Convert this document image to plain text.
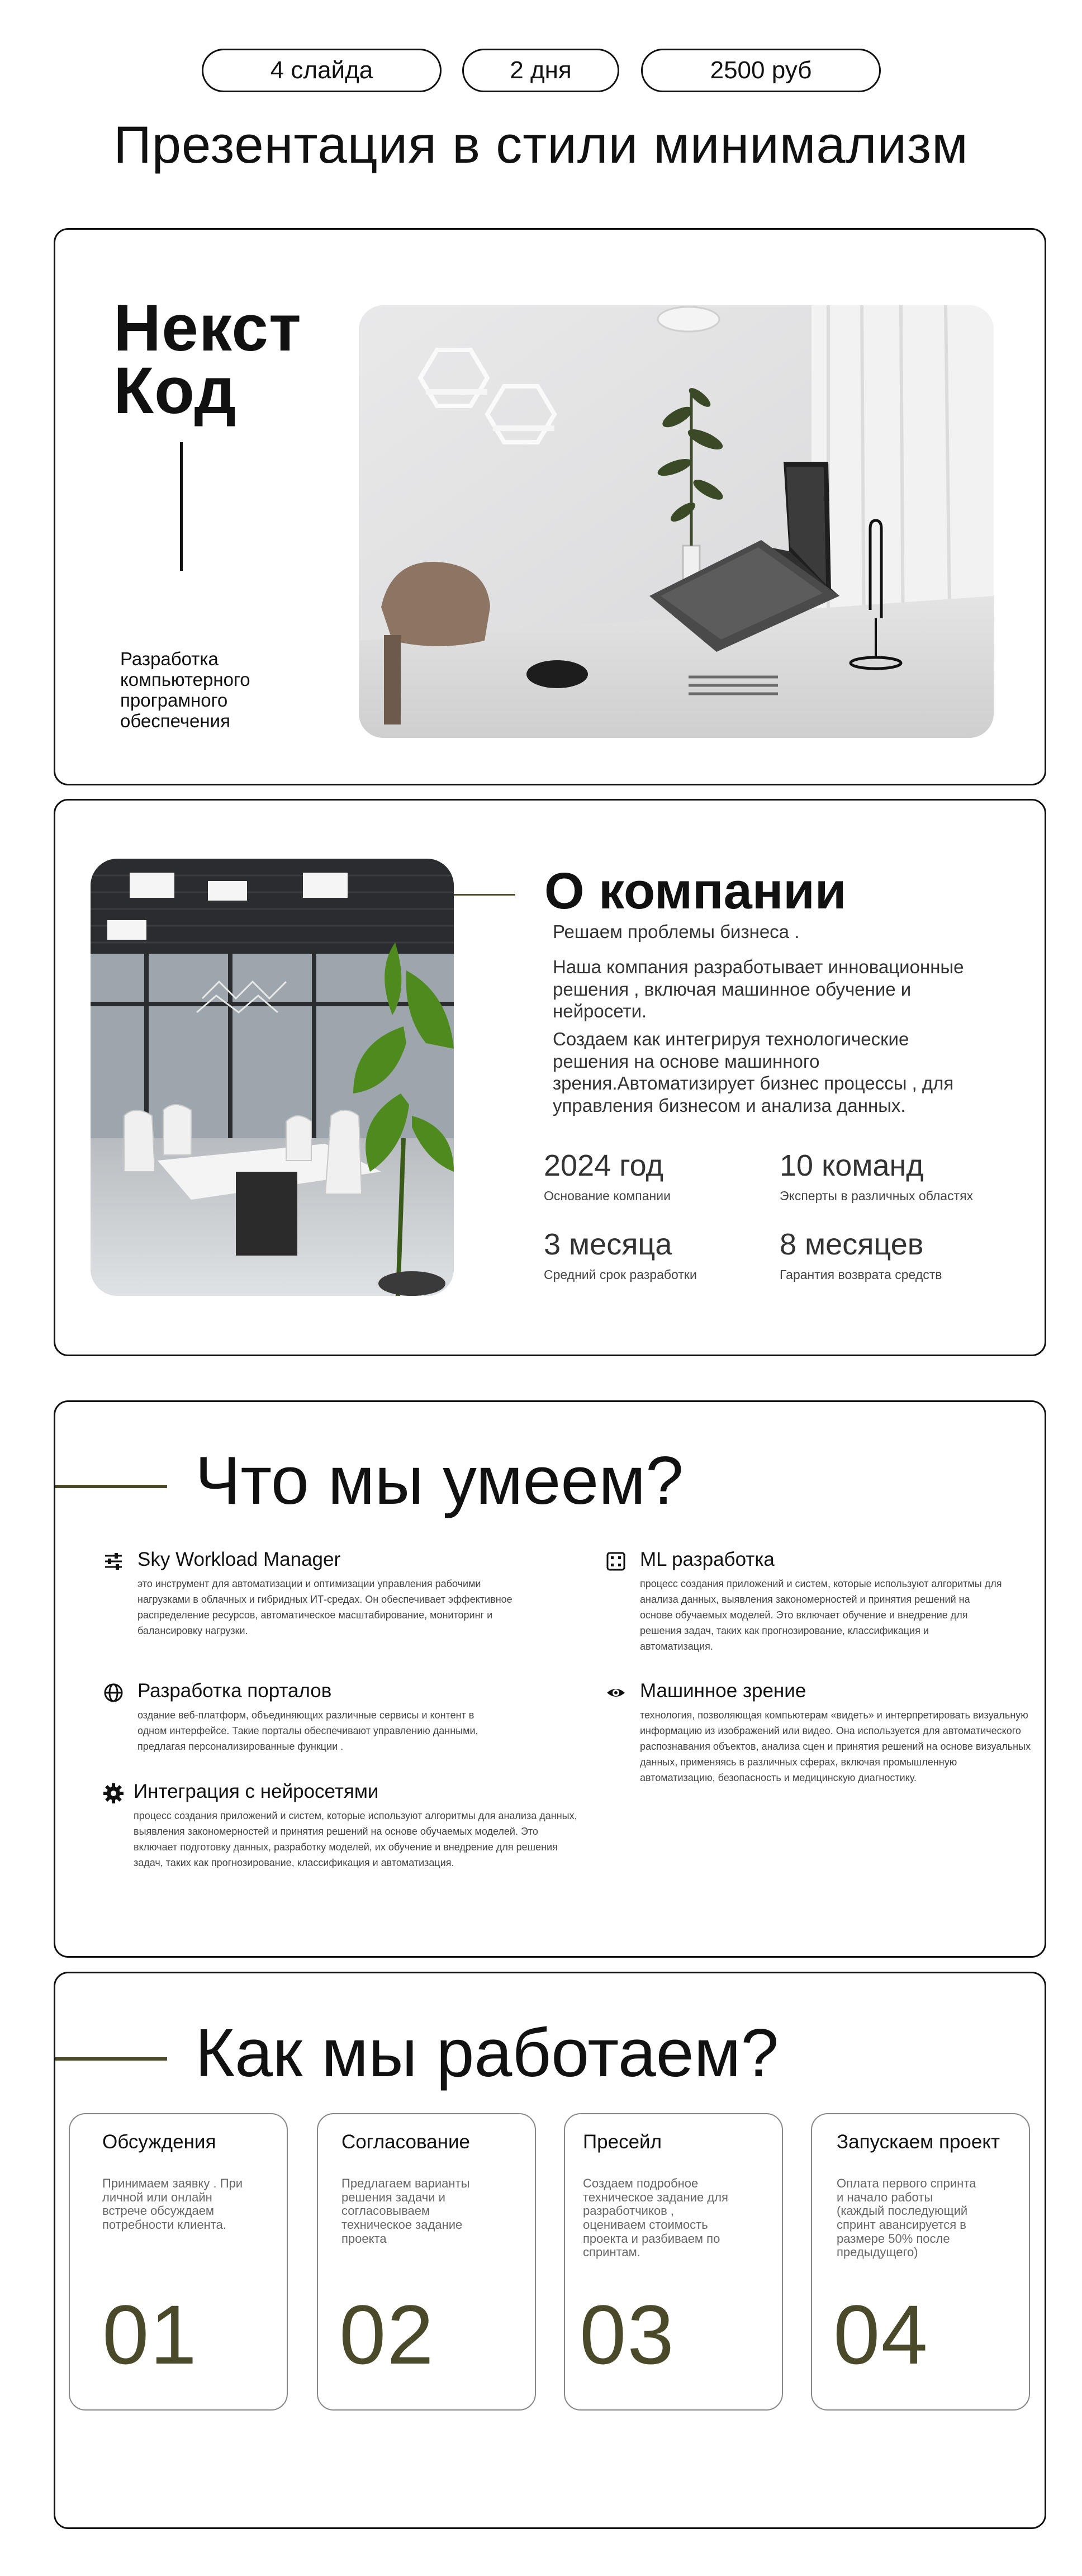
4 слайда	2 дня	2500 руб
Презентация в стили минимализм
Некст
Код
Разработка компьютерного програмного обеспечения
О компании
Решаем проблемы бизнеса .
Наша компания разработывает инновационные решения , включая машинное обучение и нейросети.
Создаем как интегрируя технологические решения на основе машинного зрения.Автоматизирует бизнес процессы , для управления бизнесом и анализа данных.
2024 год
Основание компании
10 команд
Эксперты в различных областях
3 месяца
Средний срок разработки
8 месяцев
Гарантия возврата средств
Что мы умеем?
Sky Workload Manager
это инструмент для автоматизации и оптимизации управления рабочими нагрузками в облачных и гибридных ИТ-средах. Он обеспечивает эффективное распределение ресурсов, автоматическое масштабирование, мониторинг и балансировку нагрузки.
ML разработка
процесс создания приложений и систем, которые используют алгоритмы для анализа данных, выявления закономерностей и принятия решений на основе обучаемых моделей. Это включает обучение и внедрение для решения задач, таких как прогнозирование, классификация и автоматизация.
Разработка порталов
оздание веб-платформ, объединяющих различные сервисы и контент в одном интерфейсе. Такие порталы обеспечивают управлению данными, предлагая персонализированные функции .
Машинное зрение
технология, позволяющая компьютерам «видеть» и интерпретировать визуальную информацию из изображений или видео. Она используется для автоматического распознавания объектов, анализа сцен и принятия решений на основе визуальных данных, применяясь в различных сферах, включая промышленную автоматизацию, безопасность и медицинскую диагностику.
Интеграция с нейросетями
процесс создания приложений и систем, которые используют алгоритмы для анализа данных, выявления закономерностей и принятия решений на основе обучаемых моделей. Это включает подготовку данных, разработку моделей, их обучение и внедрение для решения задач, таких как прогнозирование, классификация и автоматизация.
Как мы работаем?
Обсуждения
Принимаем заявку . При личной или онлайн встрече обсуждаем потребности клиента.
01
Согласование
Предлагаем варианты решения задачи и согласовываем техническое задание проекта
02
Пресейл
Создаем подробное техническое задание для разработчиков , оцениваем стоимость проекта и разбиваем по спринтам.
03
Запускаем проект
Оплата первого спринта и начало работы (каждый последующий спринт авансируется в размере 50% после предыдущего)
04
